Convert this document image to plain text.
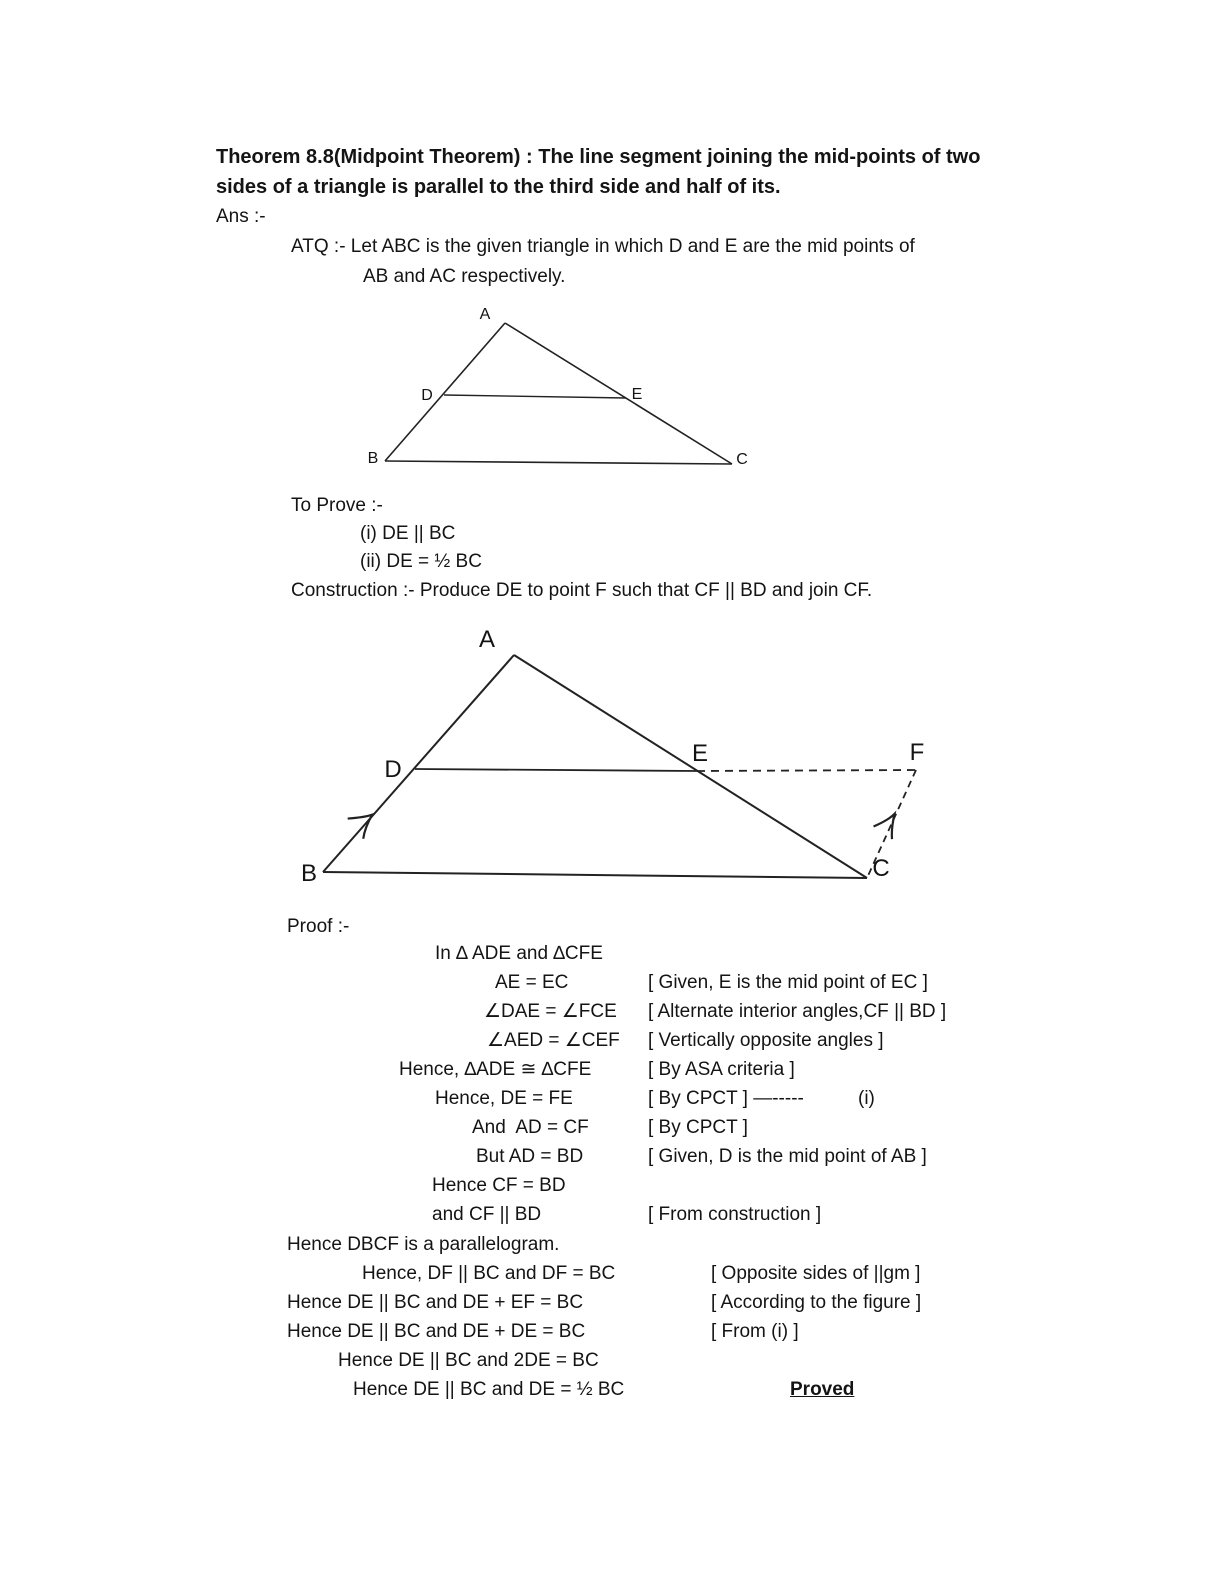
Theorem 8.8(Midpoint Theorem) : The line segment joining the mid-points of two
sides of a triangle is parallel to the third side and half of its.
Ans :-
ATQ :- Let ABC is the given triangle in which D and E are the mid points of
AB and AC respectively.
A
B	C
D	E
To Prove :-
(i) DE || BC
(ii) DE = ½ BC
Construction :- Produce DE to point F such that CF || BD and join CF.
A
B	C
D
E	F
Proof :-
In ∆ ADE and ∆CFE
AE = EC	[ Given, E is the mid point of EC ]
∠DAE = ∠FCE [ Alternate interior angles,CF || BD ]
∠AED = ∠CEF [ Vertically opposite angles ]
Hence, ∆ADE ≅ ∆CFE	[ By ASA criteria ]
Hence, DE = FE	[ By CPCT ] —-----	(i)
And  AD = CF	[ By CPCT ]
But AD = BD	[ Given, D is the mid point of AB ]
Hence CF = BD
and CF || BD	[ From construction ]
Hence DBCF is a parallelogram.
Hence, DF || BC and DF = BC	[ Opposite sides of ||gm ]
Hence DE || BC and DE + EF = BC	[ According to the figure ]
Hence DE || BC and DE + DE = BC	[ From (i) ]
Hence DE || BC and 2DE = BC
Hence DE || BC and DE = ½ BC	Proved
